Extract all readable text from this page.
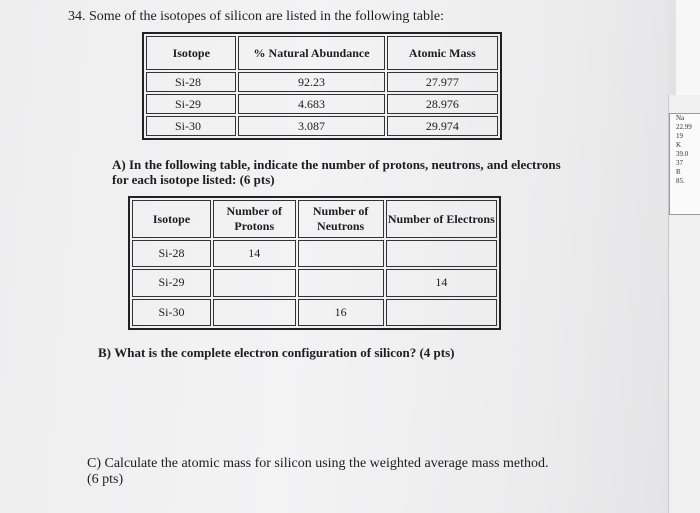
34. Some of the isotopes of silicon are listed in the following table:
Isotope	% Natural Abundance	Atomic Mass
Si-28	92.23	27.977
Si-29	4.683	28.976
Si-30	3.087	29.974
A) In the following table, indicate the number of protons, neutrons, and electrons for each isotope listed: (6 pts)
Isotope	Number of Protons	Number of Neutrons	Number of Electrons
Si-28	14		
Si-29			14
Si-30		16	
B) What is the complete electron configuration of silicon? (4 pts)
C) Calculate the atomic mass for silicon using the weighted average mass method. (6 pts)
Na
22.99
19
K
39.0
37
R
85.
